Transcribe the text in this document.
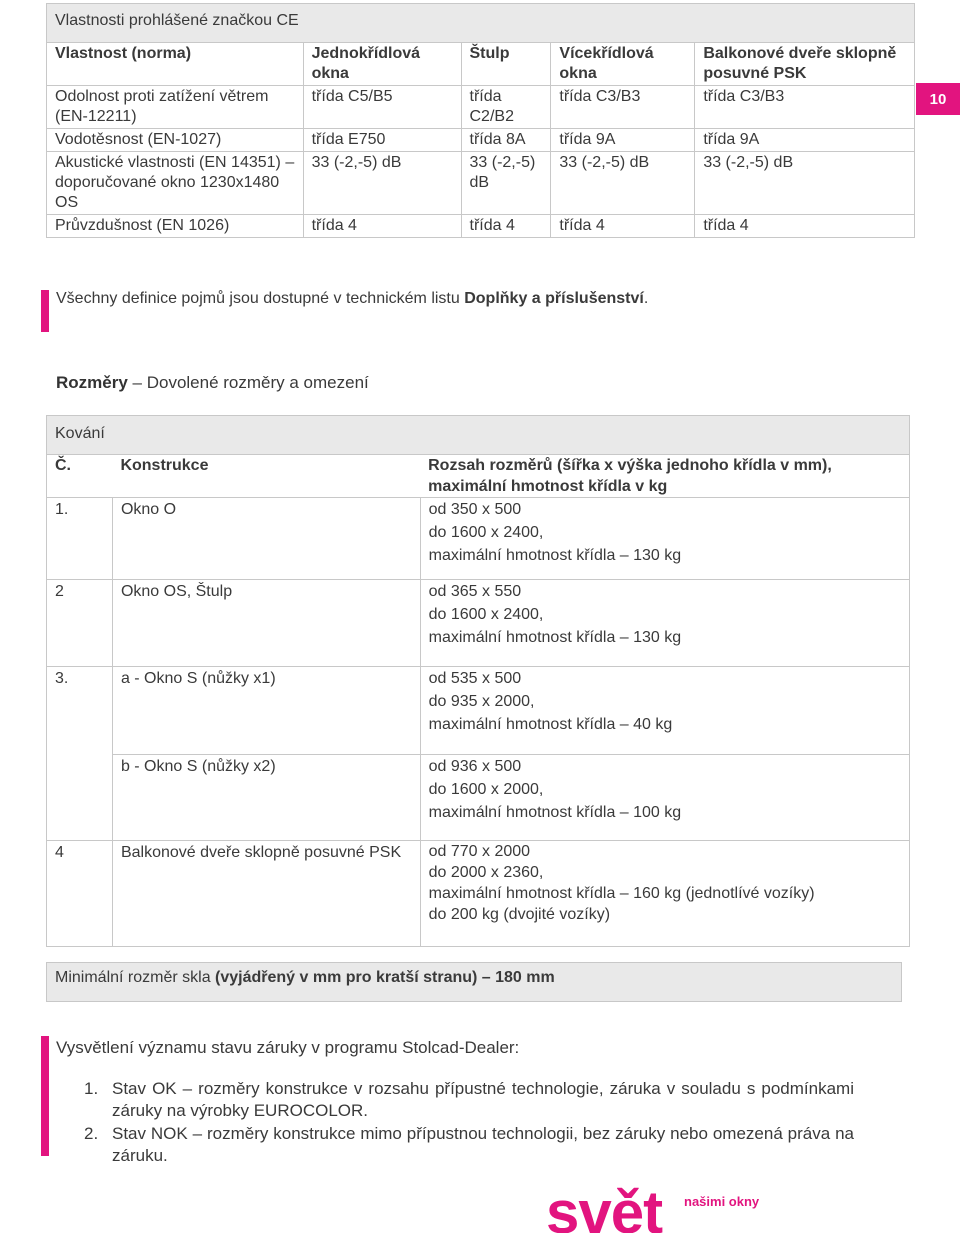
Vlastnosti prohlášené značkou CE				
Vlastnost (norma)	Jednokřídlová okna	Štulp	Vícekřídlová okna	Balkonové dveře sklopně posuvné PSK
Odolnost proti zatížení větrem (EN-12211)	třída C5/B5	třída C2/B2	třída C3/B3	třída C3/B3
Vodotěsnost (EN-1027)	třída E750	třída 8A	třída 9A	třída 9A
Akustické vlastnosti (EN 14351) – doporučované okno 1230x1480 OS	33 (-2,-5) dB	33 (-2,-5) dB	33 (-2,-5) dB	33 (-2,-5) dB
Průvzdušnost (EN 1026)	třída 4	třída 4	třída 4	třída 4
10
Všechny definice pojmů jsou dostupné v technickém listu Doplňky a příslušenství.
Rozměry – Dovolené rozměry a omezení
Kování		
Č.	Konstrukce	Rozsah rozměrů (šířka x výška jednoho křídla v mm), maximální hmotnost křídla v kg
1.	Okno O	od 350 x 500
do 1600 x 2400,
maximální hmotnost křídla – 130 kg

2	Okno OS, Štulp	od 365 x 550
do 1600 x 2400,
maximální hmotnost křídla – 130 kg

3.	a - Okno S (nůžky x1)	od 535 x 500
do 935 x 2000,
maximální hmotnost křídla – 40 kg

	b - Okno S (nůžky x2)	od 936 x 500
do 1600 x 2000,
maximální hmotnost křídla – 100 kg

4	Balkonové dveře sklopně posuvné PSK	od 770 x 2000
do 2000 x 2360,
maximální hmotnost křídla – 160 kg (jednotlívé vozíky)
do 200 kg (dvojité vozíky)
Minimální rozměr skla (vyjádřený v mm pro kratší stranu) – 180 mm
Vysvětlení významu stavu záruky v programu Stolcad-Dealer:
1. Stav OK – rozměry konstrukce v rozsahu přípustné technologie, záruka v souladu s podmínkami záruky na výrobky EUROCOLOR.
2. Stav NOK – rozměry konstrukce mimo přípustnou technologii, bez záruky nebo omezená práva na záruku.
svět našimi okny
